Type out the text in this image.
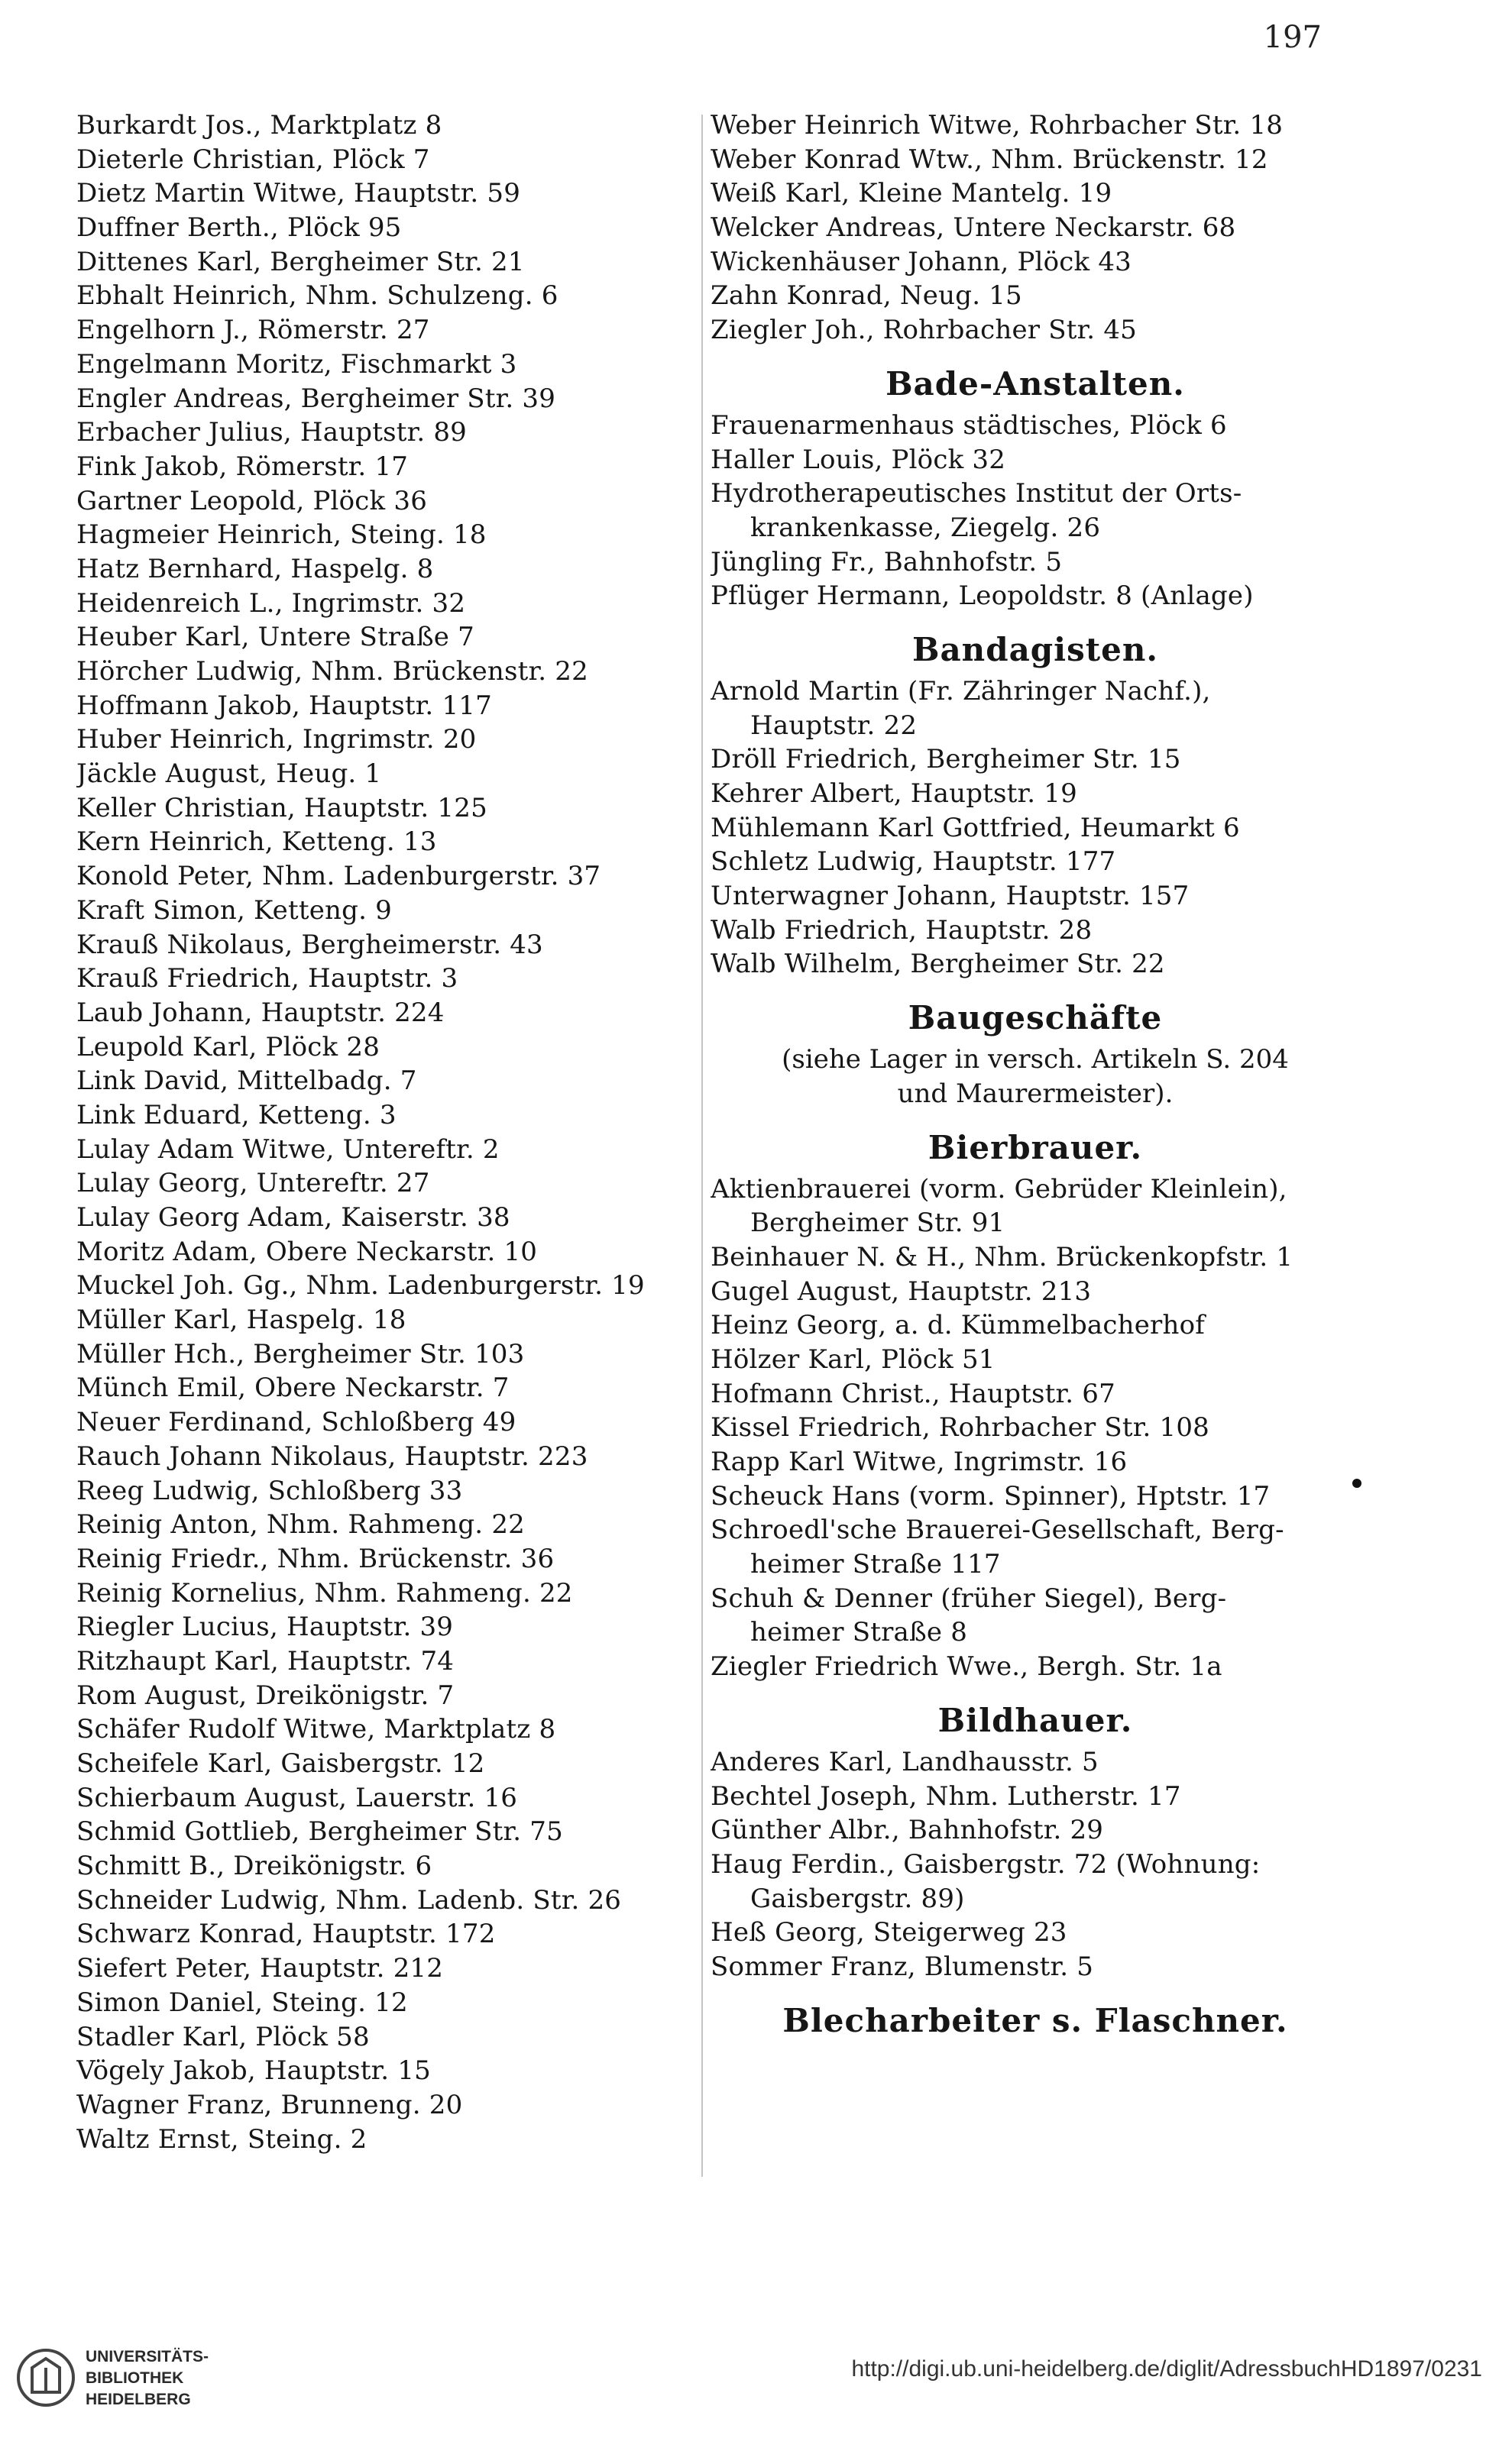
197
Burkardt Jos., Marktplatz 8
Dieterle Christian, Plöck 7
Dietz Martin Witwe, Hauptstr. 59
Duffner Berth., Plöck 95
Dittenes Karl, Bergheimer Str. 21
Ebhalt Heinrich, Nhm. Schulzeng. 6
Engelhorn J., Römerstr. 27
Engelmann Moritz, Fischmarkt 3
Engler Andreas, Bergheimer Str. 39
Erbacher Julius, Hauptstr. 89
Fink Jakob, Römerstr. 17
Gartner Leopold, Plöck 36
Hagmeier Heinrich, Steing. 18
Hatz Bernhard, Haspelg. 8
Heidenreich L., Ingrimstr. 32
Heuber Karl, Untere Straße 7
Hörcher Ludwig, Nhm. Brückenstr. 22
Hoffmann Jakob, Hauptstr. 117
Huber Heinrich, Ingrimstr. 20
Jäckle August, Heug. 1
Keller Christian, Hauptstr. 125
Kern Heinrich, Ketteng. 13
Konold Peter, Nhm. Ladenburgerstr. 37
Kraft Simon, Ketteng. 9
Krauß Nikolaus, Bergheimerstr. 43
Krauß Friedrich, Hauptstr. 3
Laub Johann, Hauptstr. 224
Leupold Karl, Plöck 28
Link David, Mittelbadg. 7
Link Eduard, Ketteng. 3
Lulay Adam Witwe, Untereftr. 2
Lulay Georg, Untereftr. 27
Lulay Georg Adam, Kaiserstr. 38
Moritz Adam, Obere Neckarstr. 10
Muckel Joh. Gg., Nhm. Ladenburgerstr. 19
Müller Karl, Haspelg. 18
Müller Hch., Bergheimer Str. 103
Münch Emil, Obere Neckarstr. 7
Neuer Ferdinand, Schloßberg 49
Rauch Johann Nikolaus, Hauptstr. 223
Reeg Ludwig, Schloßberg 33
Reinig Anton, Nhm. Rahmeng. 22
Reinig Friedr., Nhm. Brückenstr. 36
Reinig Kornelius, Nhm. Rahmeng. 22
Riegler Lucius, Hauptstr. 39
Ritzhaupt Karl, Hauptstr. 74
Rom August, Dreikönigstr. 7
Schäfer Rudolf Witwe, Marktplatz 8
Scheifele Karl, Gaisbergstr. 12
Schierbaum August, Lauerstr. 16
Schmid Gottlieb, Bergheimer Str. 75
Schmitt B., Dreikönigstr. 6
Schneider Ludwig, Nhm. Ladenb. Str. 26
Schwarz Konrad, Hauptstr. 172
Siefert Peter, Hauptstr. 212
Simon Daniel, Steing. 12
Stadler Karl, Plöck 58
Vögely Jakob, Hauptstr. 15
Wagner Franz, Brunneng. 20
Waltz Ernst, Steing. 2
Weber Heinrich Witwe, Rohrbacher Str. 18
Weber Konrad Wtw., Nhm. Brückenstr. 12
Weiß Karl, Kleine Mantelg. 19
Welcker Andreas, Untere Neckarstr. 68
Wickenhäuser Johann, Plöck 43
Zahn Konrad, Neug. 15
Ziegler Joh., Rohrbacher Str. 45
Bade-Anstalten.
Frauenarmenhaus städtisches, Plöck 6
Haller Louis, Plöck 32
Hydrotherapeutisches Institut der Orts-
krankenkasse, Ziegelg. 26
Jüngling Fr., Bahnhofstr. 5
Pflüger Hermann, Leopoldstr. 8 (Anlage)
Bandagisten.
Arnold Martin (Fr. Zähringer Nachf.),
Hauptstr. 22
Dröll Friedrich, Bergheimer Str. 15
Kehrer Albert, Hauptstr. 19
Mühlemann Karl Gottfried, Heumarkt 6
Schletz Ludwig, Hauptstr. 177
Unterwagner Johann, Hauptstr. 157
Walb Friedrich, Hauptstr. 28
Walb Wilhelm, Bergheimer Str. 22
Baugeschäfte
(siehe Lager in versch. Artikeln S. 204
und Maurermeister).
Bierbrauer.
Aktienbrauerei (vorm. Gebrüder Kleinlein),
Bergheimer Str. 91
Beinhauer N. & H., Nhm. Brückenkopfstr. 1
Gugel August, Hauptstr. 213
Heinz Georg, a. d. Kümmelbacherhof
Hölzer Karl, Plöck 51
Hofmann Christ., Hauptstr. 67
Kissel Friedrich, Rohrbacher Str. 108
Rapp Karl Witwe, Ingrimstr. 16
Scheuck Hans (vorm. Spinner), Hptstr. 17
Schroedl'sche Brauerei-Gesellschaft, Berg-
heimer Straße 117
Schuh & Denner (früher Siegel), Berg-
heimer Straße 8
Ziegler Friedrich Wwe., Bergh. Str. 1a
Bildhauer.
Anderes Karl, Landhausstr. 5
Bechtel Joseph, Nhm. Lutherstr. 17
Günther Albr., Bahnhofstr. 29
Haug Ferdin., Gaisbergstr. 72 (Wohnung:
Gaisbergstr. 89)
Heß Georg, Steigerweg 23
Sommer Franz, Blumenstr. 5
Blecharbeiter s. Flaschner.
UNIVERSITÄTS-
BIBLIOTHEK
HEIDELBERG
http://digi.ub.uni-heidelberg.de/diglit/AdressbuchHD1897/0231
